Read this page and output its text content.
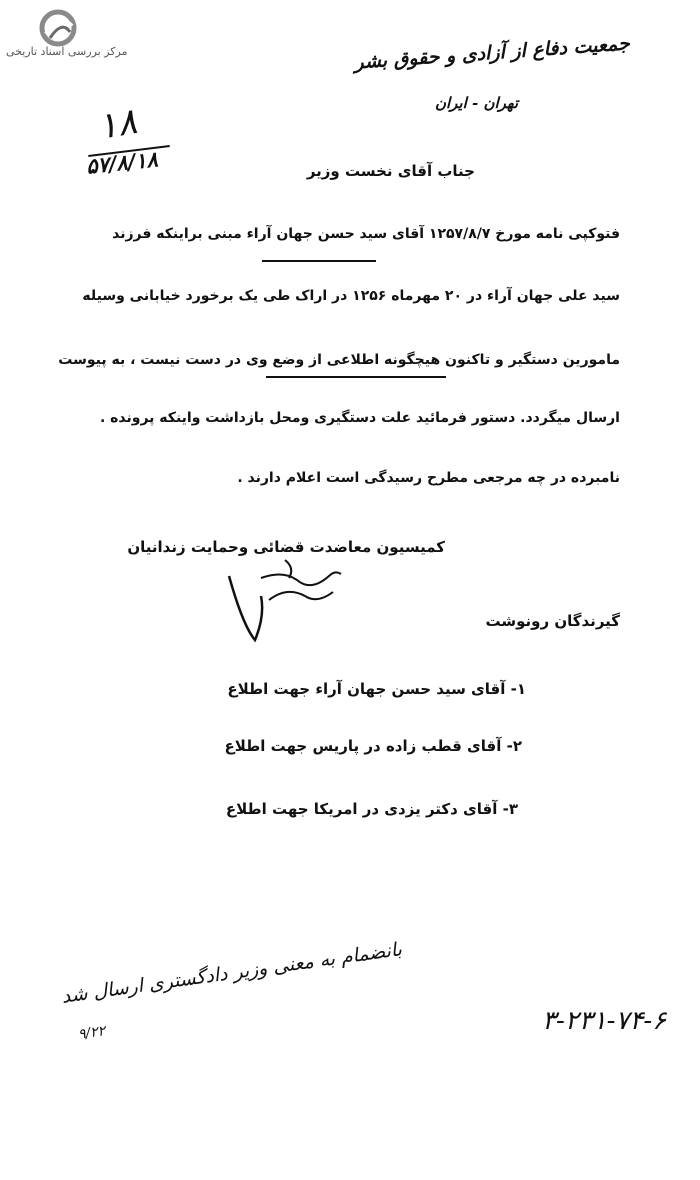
مرکز بررسی اسناد تاریخی	جمعیت دفاع از آزادی و حقوق بشر
تهران - ایران
۱۸
۵۷/۸/۱۸	جناب آقای نخست وزیر
فتوکپی نامه مورخ ۱۲۵۷/۸/۷ آقای سید حسن جهان آراء مبنی براینکه فرزند
سید علی جهان آراء در ۲۰ مهرماه ۱۲۵۶ در اراک طی یک برخورد خیابانی وسیله
مامورین دستگیر و تاکنون هیچگونه اطلاعی از وضع وی در دست نیست ، به پیوست
ارسال میگردد. دستور فرمائید علت دستگیری ومحل بازداشت واینکه پرونده .
نامبرده در چه مرجعی مطرح رسیدگی است اعلام دارند .
کمیسیون معاضدت قضائی وحمایت زندانیان
گیرندگان رونوشت
۱- آقای سید حسن جهان آراء جهت اطلاع
۲- آقای قطب زاده در پاریس جهت اطلاع
۳- آقای دکتر یزدی در امریکا جهت اطلاع
بانضمام به معنی وزیر دادگستری ارسال شد
۹/۲۲	۳-۲۳۱-۷۴-۶
